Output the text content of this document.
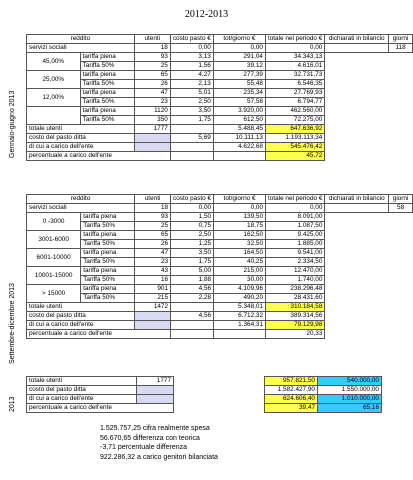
2012-2013
Gennaio-giugno 2013
Settembre-dicembre 2013
2013
reddito		utenti	costo pasto €	tot/giorno €	totale nel periodo €	dichiarati in bilancio	giorni
servizi sociali		18	0,00	0,00	0,00		118
45,00%	tariffa piena	93	3,13	291,04	34.343,13		
	Tariffa 50%	25	1,56	39,12	4.616,01		
25,00%	tariffa piena	65	4,27	277,39	32.731,73		
	Tariffa 50%	26	2,13	55,48	6.546,35		
12,00%	tariffa piena	47	5,01	235,34	27.769,93		
	Tariffa 50%	23	2,50	57,58	6.794,77		
	tariffa piena	1120	3,50	3.920,00	462.560,00		
	Tariffa 50%	350	1,75	612,50	72.275,00		
totale utenti		1777		5.488,45	647.636,92		
costo del pasto ditta			5,69	10.111,13	1.193.113,34		
di cui a carico dell'ente				4.622,68	545.476,42		
percentuale a carico dell'ente					45,72		
reddito		utenti	costo pasto €	tot/giorno €	totale nel periodo €	dichiarati in bilancio	giorni
servizi sociali		18	0,00	0,00	0,00		58
0 -3000	tariffa piena	93	1,50	139,50	8.091,00		
	Tariffa 50%	25	0,75	18,75	1.087,50		
3001-6000	tariffa piena	65	2,50	162,50	9.425,00		
	Tariffa 50%	26	1,25	32,50	1.885,00		
6001-10000	tariffa piena	47	3,50	164,50	9.541,00		
	Tariffa 50%	23	1,75	40,25	2.334,50		
10001-15000	tariffa piena	43	5,00	215,00	12.470,00		
	Tariffa 50%	16	1,88	30,00	1.740,00		
> 15000	tariffa piena	901	4,56	4.109,96	238.296,48		
	Tariffa 50%	215	2,28	490,20	28.431,60		
totale utenti		1472		5.348,01	310.184,58		
costo del pasto ditta			4,56	6.712,32	389.314,56		
di cui a carico dell'ente				1.364,31	79.129,98		
percentuale a carico dell'ente					20,33		
totale utenti	1777			957.821,50	540.000,00	
costo del pasto ditta				1.582.427,90	1.550.000,00	
di cui a carico dell'ente				624.606,40	1.010.000,00	
percentuale a carico dell'ente				39,47	65,16	
1.525.757,25 cifra realmente spesa
56.670,65 differenza con teorica
-3,71 percentuale differenza
922.286,32 a carico genitori bilanciata
